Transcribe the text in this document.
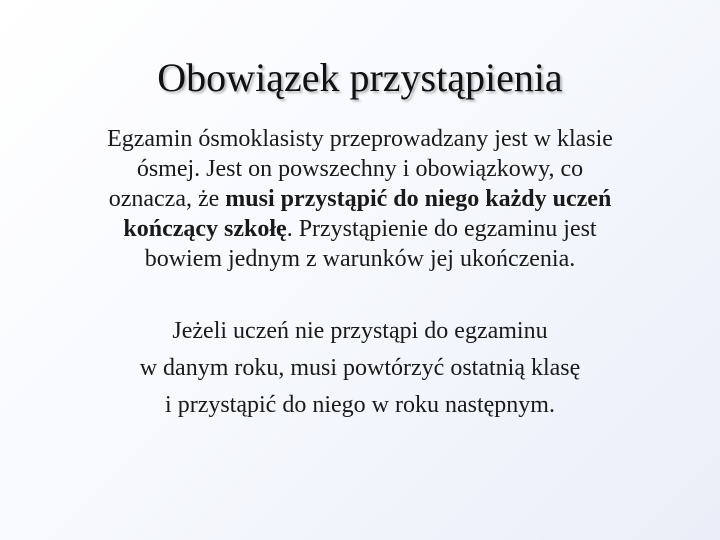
Obowiązek przystąpienia

Egzamin ósmoklasisty przeprowadzany jest w klasie
ósmej. Jest on powszechny i obowiązkowy, co
oznacza, że musi przystąpić do niego każdy uczeń
kończący szkołę. Przystąpienie do egzaminu jest
bowiem jednym z warunków jej ukończenia.

Jeżeli uczeń nie przystąpi do egzaminu
w danym roku, musi powtórzyć ostatnią klasę
i przystąpić do niego w roku następnym.
